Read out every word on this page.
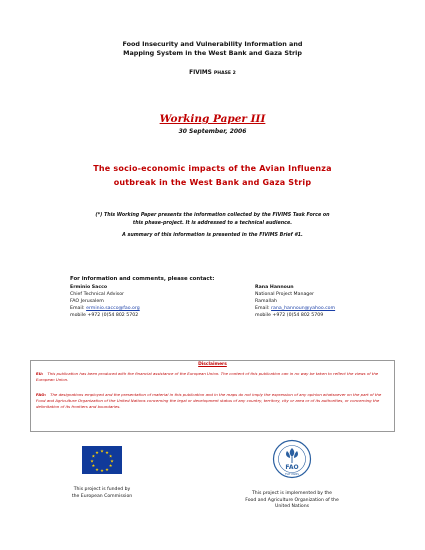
Food Insecurity and Vulnerability Information and
Mapping System in the West Bank and Gaza Strip
FIVIMS PHASE 2
Working Paper III
30 September, 2006
The socio-economic impacts of the Avian Influenza
outbreak in the West Bank and Gaza Strip
(*) This Working Paper presents the information collected by the FIVIMS Task Force on
this phase-project. It is addressed to a technical audience.
A summary of this information is presented in the FIVIMS Brief #1.
For information and comments, please contact:
Erminio Sacco
Chief Technical Advisor
FAO Jerusalem
Email: erminio.sacco@fao.org
mobile +972 (0)54 802 5702
Rana Hannoun
National Project Manager
Ramallah
Email: rana_hannoun@yahoo.com
mobile +972 (0)54 802 5709
Disclaimers
EU: This publication has been produced with the financial assistance of the European Union. The content of this publication can in no way be taken to reflect the views of the European Union.
FAO: The designations employed and the presentation of material in this publication and in the maps do not imply the expression of any opinion whatsoever on the part of the Food and Agriculture Organization of the United Nations concerning the legal or development status of any country, territory, city or area or of its authorities, or concerning the delimitation of its frontiers and boundaries.
★ ★
★
★
★
★
★
★
★
★
★
★
This project is funded by
the European Commission
FAO
FIAT PANIS
This project is implemented by the
Food and Agriculture Organization of the
United Nations
